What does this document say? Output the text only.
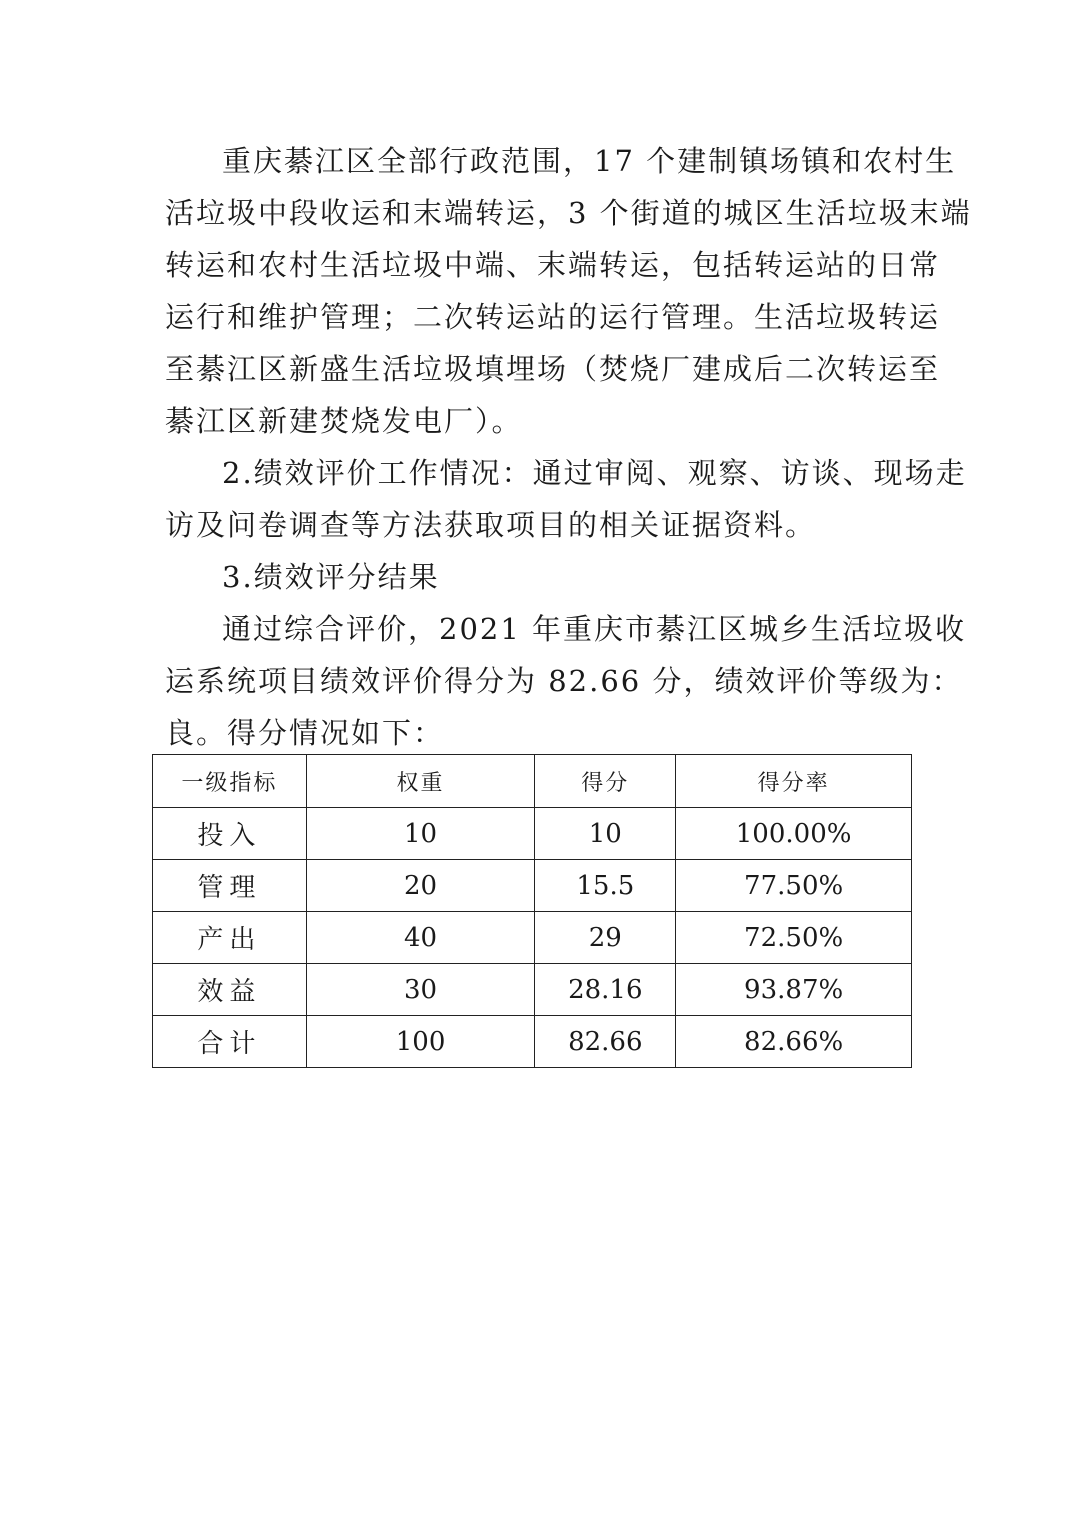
重庆綦江区全部行政范围，17 个建制镇场镇和农村生
活垃圾中段收运和末端转运，3 个街道的城区生活垃圾末端
转运和农村生活垃圾中端、末端转运，包括转运站的日常
运行和维护管理；二次转运站的运行管理。生活垃圾转运
至綦江区新盛生活垃圾填埋场（焚烧厂建成后二次转运至
綦江区新建焚烧发电厂）。
2.绩效评价工作情况：通过审阅、观察、访谈、现场走
访及问卷调查等方法获取项目的相关证据资料。
3.绩效评分结果
通过综合评价，2021 年重庆市綦江区城乡生活垃圾收
运系统项目绩效评价得分为 82.66 分，绩效评价等级为：
良。得分情况如下：
一级指标	权重	得分	得分率
投入	10	10	100.00%
管理	20	15.5	77.50%
产出	40	29	72.50%
效益	30	28.16	93.87%
合计	100	82.66	82.66%
